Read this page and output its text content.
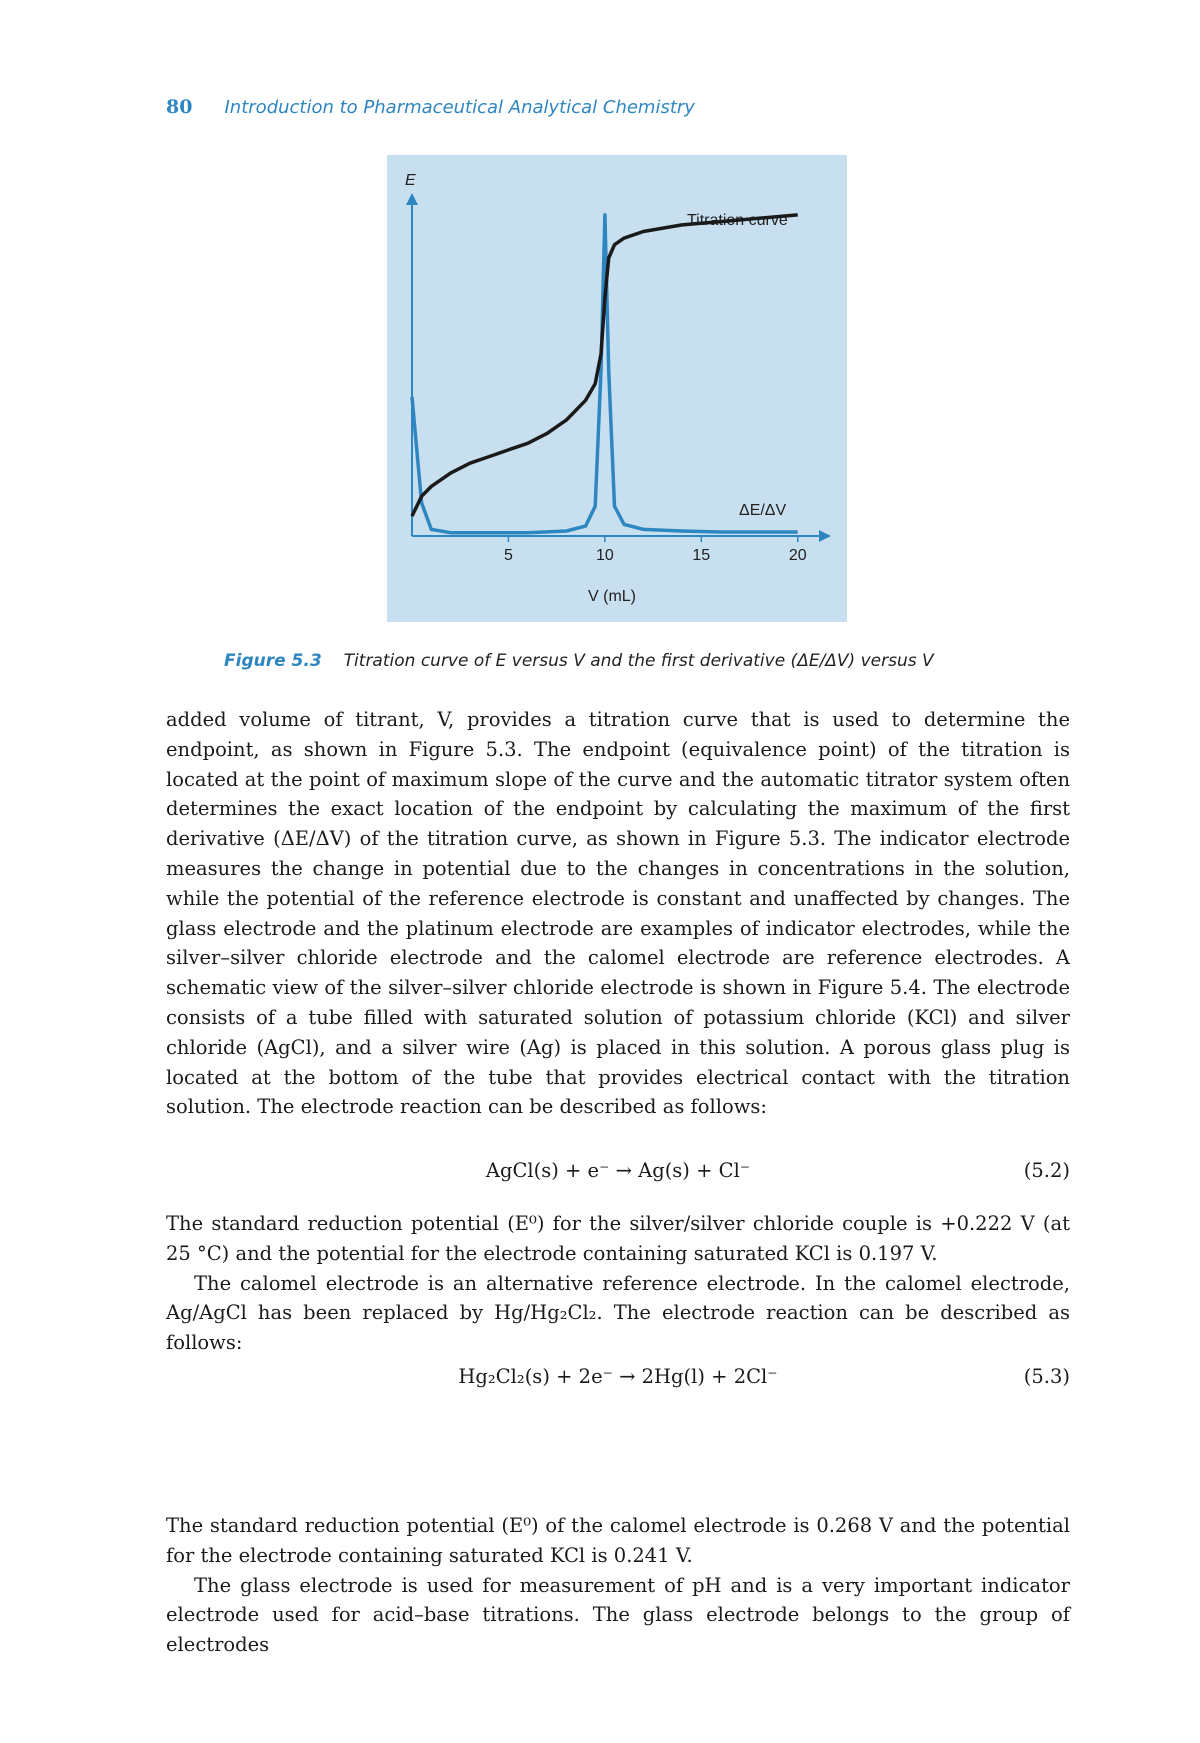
80 Introduction to Pharmaceutical Analytical Chemistry
E
V (mL)
Titration curve
ΔE/ΔV
5	10	15	20
Figure 5.3 Titration curve of E versus V and the first derivative (ΔE/ΔV) versus V

added volume of titrant, V, provides a titration curve that is used to determine the endpoint, as shown in Figure 5.3. The endpoint (equivalence point) of the titration is located at the point of maximum slope of the curve and the automatic titrator system often determines the exact location of the endpoint by calculating the maximum of the first derivative (ΔE/ΔV) of the titration curve, as shown in Figure 5.3. The indicator electrode measures the change in potential due to the changes in concentrations in the solution, while the potential of the reference electrode is constant and unaffected by changes. The glass electrode and the platinum electrode are examples of indicator electrodes, while the silver–silver chloride electrode and the calomel electrode are reference electrodes. A schematic view of the silver–silver chloride electrode is shown in Figure 5.4. The electrode consists of a tube filled with saturated solution of potassium chloride (KCl) and silver chloride (AgCl), and a silver wire (Ag) is placed in this solution. A porous glass plug is located at the bottom of the tube that provides electrical contact with the titration solution. The electrode reaction can be described as follows:

AgCl(s) + e⁻ → Ag(s) + Cl⁻	(5.2)

The standard reduction potential (E⁰) for the silver/silver chloride couple is +0.222 V (at 25 °C) and the potential for the electrode containing saturated KCl is 0.197 V.

The calomel electrode is an alternative reference electrode. In the calomel electrode, Ag/AgCl has been replaced by Hg/Hg₂Cl₂. The electrode reaction can be described as follows:

Hg₂Cl₂(s) + 2e⁻ → 2Hg(l) + 2Cl⁻	(5.3)

The standard reduction potential (E⁰) of the calomel electrode is 0.268 V and the potential for the electrode containing saturated KCl is 0.241 V.

The glass electrode is used for measurement of pH and is a very important indicator electrode used for acid–base titrations. The glass electrode belongs to the group of electrodes
